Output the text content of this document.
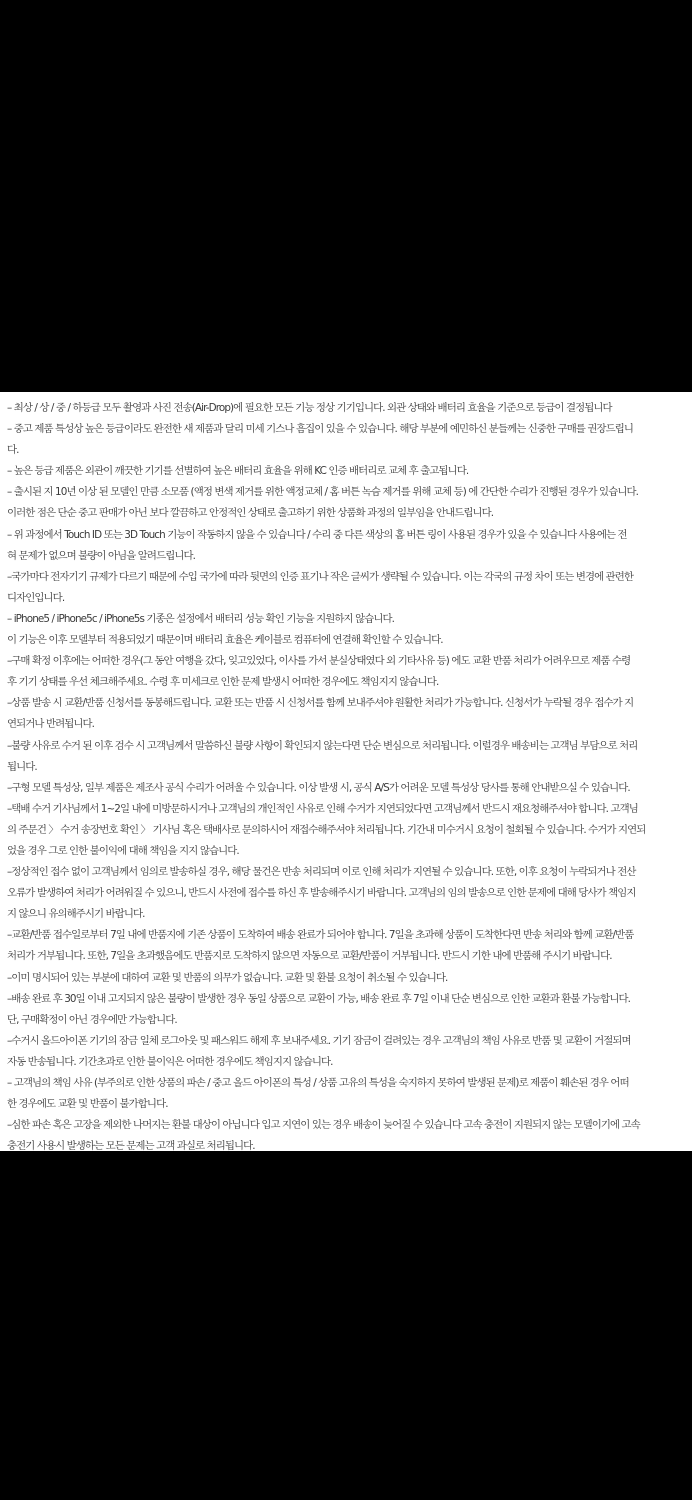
– 최상 / 상 / 중 / 하등급 모두 촬영과 사진 전송(Air-Drop)에 필요한 모든 기능 정상 기기입니다. 외관 상태와 배터리 효율을 기준으로 등급이 결정됩니다

– 중고 제품 특성상 높은 등급이라도 완전한 새 제품과 달리 미세 기스나 흠집이 있을 수 있습니다. 해당 부분에 예민하신 분들께는 신중한 구매를 권장드립니

다.

– 높은 등급 제품은 외관이 깨끗한 기기를 선별하여 높은 배터리 효율을 위해 KC 인증 배터리로 교체 후 출고됩니다.

– 출시된 지 10년 이상 된 모델인 만큼 소모품 (액정 변색 제거를 위한 액정교체 / 홈 버튼 녹슴 제거를 위해 교체 등) 에 간단한 수리가 진행된 경우가 있습니다.

이러한 점은 단순 중고 판매가 아닌 보다 깔끔하고 안정적인 상태로 출고하기 위한 상품화 과정의 일부임을 안내드립니다.

– 위 과정에서 Touch ID 또는 3D Touch 기능이 작동하지 않을 수 있습니다 / 수리 중 다른 색상의 홈 버튼 링이 사용된 경우가 있을 수 있습니다 사용에는 전

혀 문제가 없으며 불량이 아님을 알려드립니다.

–국가마다 전자기기 규제가 다르기 때문에 수입 국가에 따라 뒷면의 인증 표기나 작은 글씨가 생략될 수 있습니다. 이는 각국의 규정 차이 또는 변경에 관련한

디자인입니다.

– iPhone5 / iPhone5c / iPhone5s 기종은 설정에서 배터리 성능 확인 기능을 지원하지 않습니다.

이 기능은 이후 모델부터 적용되었기 때문이며 배터리 효율은 케이블로 컴퓨터에 연결해 확인할 수 있습니다.

–구매 확정 이후에는 어떠한 경우(그 동안 여행을 갔다, 잊고있었다, 이사를 가서 분실상태였다 외 기타사유 등) 에도 교환 반품 처리가 어려우므로 제품 수령

후 기기 상태를 우선 체크해주세요. 수령 후 미세크로 인한 문제 발생시 어떠한 경우에도 책임지지 않습니다.

–상품 발송 시 교환/반품 신청서를 동봉해드립니다. 교환 또는 반품 시 신청서를 함께 보내주셔야 원활한 처리가 가능합니다. 신청서가 누락될 경우 접수가 지

연되거나 반려됩니다.

–불량 사유로 수거 된 이후 검수 시 고객님께서 말씀하신 불량 사항이 확인되지 않는다면 단순 변심으로 처리됩니다. 이럴경우 배송비는 고객님 부담으로 처리

됩니다.

–구형 모델 특성상, 일부 제품은 제조사 공식 수리가 어려울 수 있습니다. 이상 발생 시, 공식 A/S가 어려운 모델 특성상 당사를 통해 안내받으실 수 있습니다.

–택배 수거 기사님께서 1~2일 내에 미방문하시거나 고객님의 개인적인 사유로 인해 수거가 지연되었다면 고객님께서 반드시 재요청해주셔야 합니다. 고객님

의 주문건 〉 수거 송장번호 확인 〉 기사님 혹은 택배사로 문의하시어 재접수해주셔야 처리됩니다. 기간내 미수거시 요청이 철회될 수 있습니다. 수거가 지연되

었을 경우 그로 인한 불이익에 대해 책임을 지지 않습니다.

–정상적인 접수 없이 고객님께서 임의로 발송하실 경우, 해당 물건은 반송 처리되며 이로 인해 처리가 지연될 수 있습니다. 또한, 이후 요청이 누락되거나 전산

오류가 발생하여 처리가 어려워질 수 있으니, 반드시 사전에 접수를 하신 후 발송해주시기 바랍니다. 고객님의 임의 발송으로 인한 문제에 대해 당사가 책임지

지 않으니 유의해주시기 바랍니다.

–교환/반품 접수일로부터 7일 내에 반품지에 기존 상품이 도착하여 배송 완료가 되어야 합니다. 7일을 초과해 상품이 도착한다면 반송 처리와 함께 교환/반품

처리가 거부됩니다. 또한, 7일을 초과했음에도 반품지로 도착하지 않으면 자동으로 교환/반품이 거부됩니다. 반드시 기한 내에 반품해 주시기 바랍니다.

–이미 명시되어 있는 부분에 대하여 교환 및 반품의 의무가 없습니다. 교환 및 환불 요청이 취소될 수 있습니다.

–배송 완료 후 30일 이내 고지되지 않은 불량이 발생한 경우 동일 상품으로 교환이 가능, 배송 완료 후 7일 이내 단순 변심으로 인한 교환과 환불 가능합니다.

단, 구매확정이 아닌 경우에만 가능합니다.

–수거시 올드아이폰 기기의 잠금 일체 로그아웃 및 패스워드 해제 후 보내주세요. 기기 잠금이 걸려있는 경우 고객님의 책임 사유로 반품 및 교환이 거절되며

자동 반송됩니다. 기간초과로 인한 불이익은 어떠한 경우에도 책임지지 않습니다.

– 고객님의 책임 사유 (부주의로 인한 상품의 파손 / 중고 올드 아이폰의 특성 / 상품 고유의 특성을 숙지하지 못하여 발생된 문제)로 제품이 훼손된 경우 어떠

한 경우에도 교환 및 반품이 불가합니다.

–심한 파손 혹은 고장을 제외한 나머지는 환불 대상이 아닙니다 입고 지연이 있는 경우 배송이 늦어질 수 있습니다 고속 충전이 지원되지 않는 모델이기에 고속

충전기 사용시 발생하는 모든 문제는 고객 과실로 처리됩니다.
